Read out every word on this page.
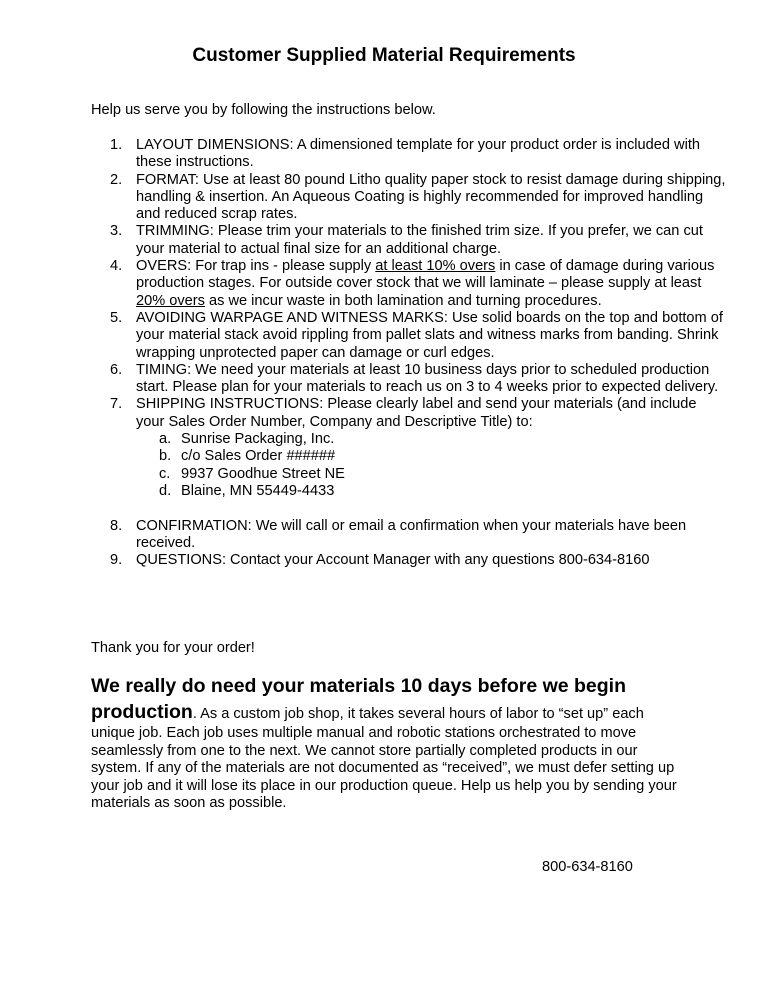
Customer Supplied Material Requirements
Help us serve you by following the instructions below.
LAYOUT DIMENSIONS: A dimensioned template for your product order is included with these instructions.
FORMAT: Use at least 80 pound Litho quality paper stock to resist damage during shipping, handling & insertion. An Aqueous Coating is highly recommended for improved handling and reduced scrap rates.
TRIMMING: Please trim your materials to the finished trim size. If you prefer, we can cut your material to actual final size for an additional charge.
OVERS: For trap ins - please supply at least 10% overs in case of damage during various production stages. For outside cover stock that we will laminate – please supply at least 20% overs as we incur waste in both lamination and turning procedures.
AVOIDING WARPAGE AND WITNESS MARKS: Use solid boards on the top and bottom of your material stack avoid rippling from pallet slats and witness marks from banding. Shrink wrapping unprotected paper can damage or curl edges.
TIMING: We need your materials at least 10 business days prior to scheduled production start. Please plan for your materials to reach us on 3 to 4 weeks prior to expected delivery.
SHIPPING INSTRUCTIONS: Please clearly label and send your materials (and include your Sales Order Number, Company and Descriptive Title) to:
a. Sunrise Packaging, Inc.
b. c/o Sales Order ######
c. 9937 Goodhue Street NE
d. Blaine, MN 55449-4433
CONFIRMATION: We will call or email a confirmation when your materials have been received.
QUESTIONS: Contact your Account Manager with any questions 800-634-8160
Thank you for your order!
We really do need your materials 10 days before we begin production. As a custom job shop, it takes several hours of labor to “set up” each unique job. Each job uses multiple manual and robotic stations orchestrated to move seamlessly from one to the next. We cannot store partially completed products in our system. If any of the materials are not documented as “received”, we must defer setting up your job and it will lose its place in our production queue. Help us help you by sending your materials as soon as possible.
800-634-8160
